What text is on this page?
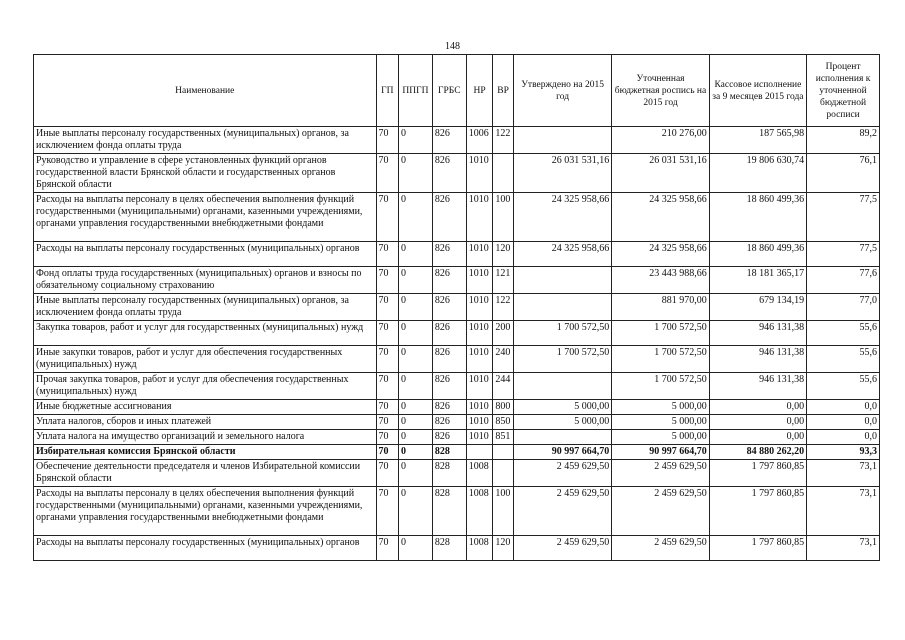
148
Наименование	ГП	ППГП	ГРБС	НР	ВР	Утверждено на 2015 год	Уточненная бюджетная роспись на 2015 год	Кассовое исполнение за 9 месяцев 2015 года	Процент исполнения к уточненной бюджетной росписи
Иные выплаты персоналу государственных (муниципальных) органов, за исключением фонда оплаты труда	70	0	826	1006	122		210 276,00	187 565,98	89,2
Руководство и управление в сфере установленных функций органов государственной власти Брянской области и государственных органов Брянской области	70	0	826	1010		26 031 531,16	26 031 531,16	19 806 630,74	76,1
Расходы на выплаты персоналу в целях обеспечения выполнения функций государственными (муниципальными) органами, казенными учреждениями, органами управления государственными внебюджетными фондами	70	0	826	1010	100	24 325 958,66	24 325 958,66	18 860 499,36	77,5
Расходы на выплаты персоналу государственных (муниципальных) органов	70	0	826	1010	120	24 325 958,66	24 325 958,66	18 860 499,36	77,5
Фонд оплаты труда государственных (муниципальных) органов и взносы по обязательному социальному страхованию	70	0	826	1010	121		23 443 988,66	18 181 365,17	77,6
Иные выплаты персоналу государственных (муниципальных) органов, за исключением фонда оплаты труда	70	0	826	1010	122		881 970,00	679 134,19	77,0
Закупка товаров, работ и услуг для государственных (муниципальных) нужд	70	0	826	1010	200	1 700 572,50	1 700 572,50	946 131,38	55,6
Иные закупки товаров, работ и услуг для обеспечения государственных (муниципальных) нужд	70	0	826	1010	240	1 700 572,50	1 700 572,50	946 131,38	55,6
Прочая закупка товаров, работ и услуг для обеспечения государственных (муниципальных) нужд	70	0	826	1010	244		1 700 572,50	946 131,38	55,6
Иные бюджетные ассигнования	70	0	826	1010	800	5 000,00	5 000,00	0,00	0,0
Уплата налогов, сборов и иных платежей	70	0	826	1010	850	5 000,00	5 000,00	0,00	0,0
Уплата налога на имущество организаций и земельного налога	70	0	826	1010	851		5 000,00	0,00	0,0
Избирательная комиссия Брянской области	70	0	828			90 997 664,70	90 997 664,70	84 880 262,20	93,3
Обеспечение деятельности председателя и членов Избирательной комиссии Брянской области	70	0	828	1008		2 459 629,50	2 459 629,50	1 797 860,85	73,1
Расходы на выплаты персоналу в целях обеспечения выполнения функций государственными (муниципальными) органами, казенными учреждениями, органами управления государственными внебюджетными фондами	70	0	828	1008	100	2 459 629,50	2 459 629,50	1 797 860,85	73,1
Расходы на выплаты персоналу государственных (муниципальных) органов	70	0	828	1008	120	2 459 629,50	2 459 629,50	1 797 860,85	73,1
